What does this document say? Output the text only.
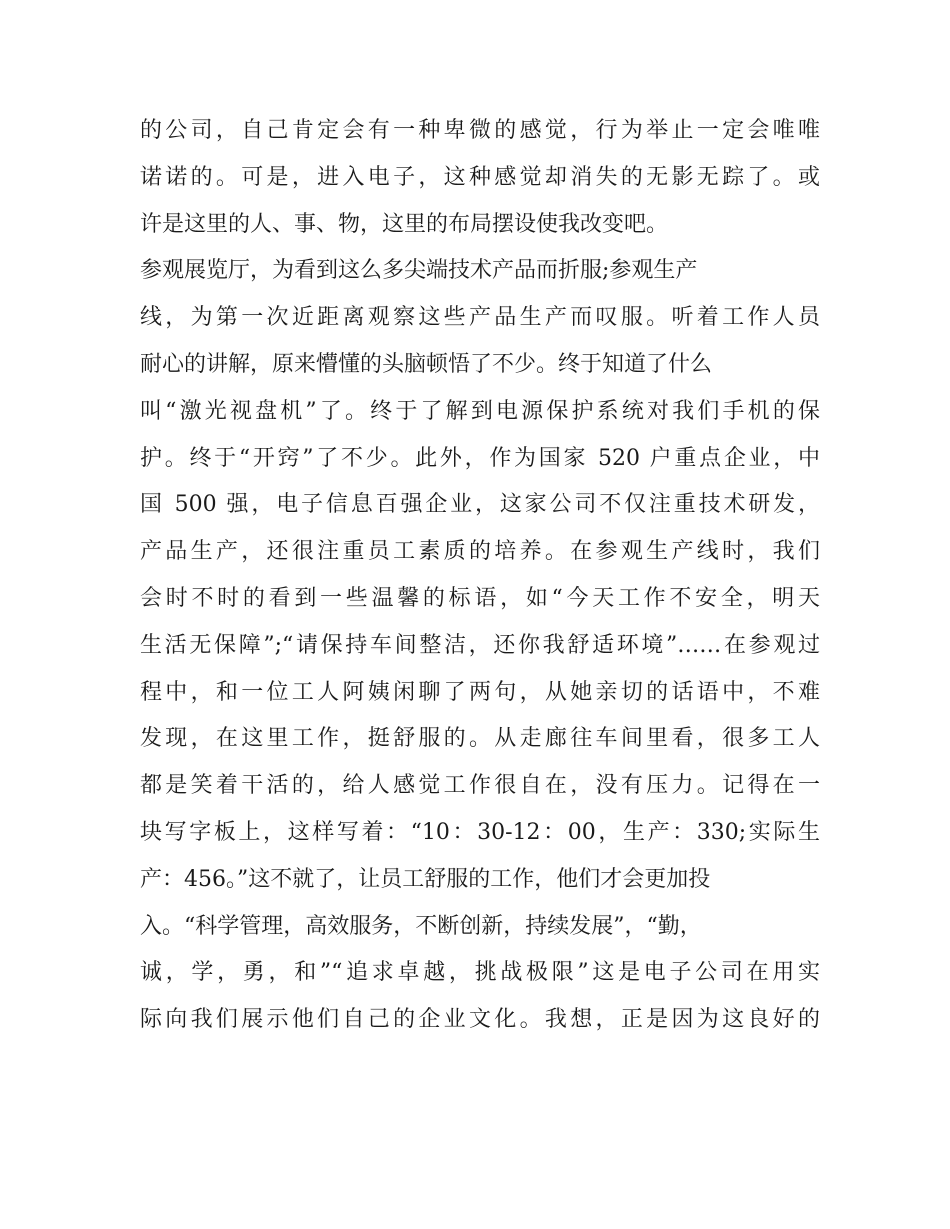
的公司，自己肯定会有一种卑微的感觉，行为举止一定会唯唯
诺诺的。可是，进入电子，这种感觉却消失的无影无踪了。或
许是这里的人、事、物，这里的布局摆设使我改变吧。
参观展览厅，为看到这么多尖端技术产品而折服;参观生产
线，为第一次近距离观察这些产品生产而叹服。听着工作人员
耐心的讲解，原来懵懂的头脑顿悟了不少。终于知道了什么
叫“激光视盘机”了。终于了解到电源保护系统对我们手机的保
护。终于“开窍”了不少。此外，作为国家 520 户重点企业，中
国 500 强，电子信息百强企业，这家公司不仅注重技术研发，
产品生产，还很注重员工素质的培养。在参观生产线时，我们
会时不时的看到一些温馨的标语，如“今天工作不安全，明天
生活无保障”;“请保持车间整洁，还你我舒适环境”……在参观过
程中，和一位工人阿姨闲聊了两句，从她亲切的话语中，不难
发现，在这里工作，挺舒服的。从走廊往车间里看，很多工人
都是笑着干活的，给人感觉工作很自在，没有压力。记得在一
块写字板上，这样写着：“10：30-12：00，生产：330;实际生
产：456。”这不就了，让员工舒服的工作，他们才会更加投
入。“科学管理，高效服务，不断创新，持续发展”，“勤，
诚，学，勇，和”“追求卓越，挑战极限”这是电子公司在用实
际向我们展示他们自己的企业文化。我想，正是因为这良好的
